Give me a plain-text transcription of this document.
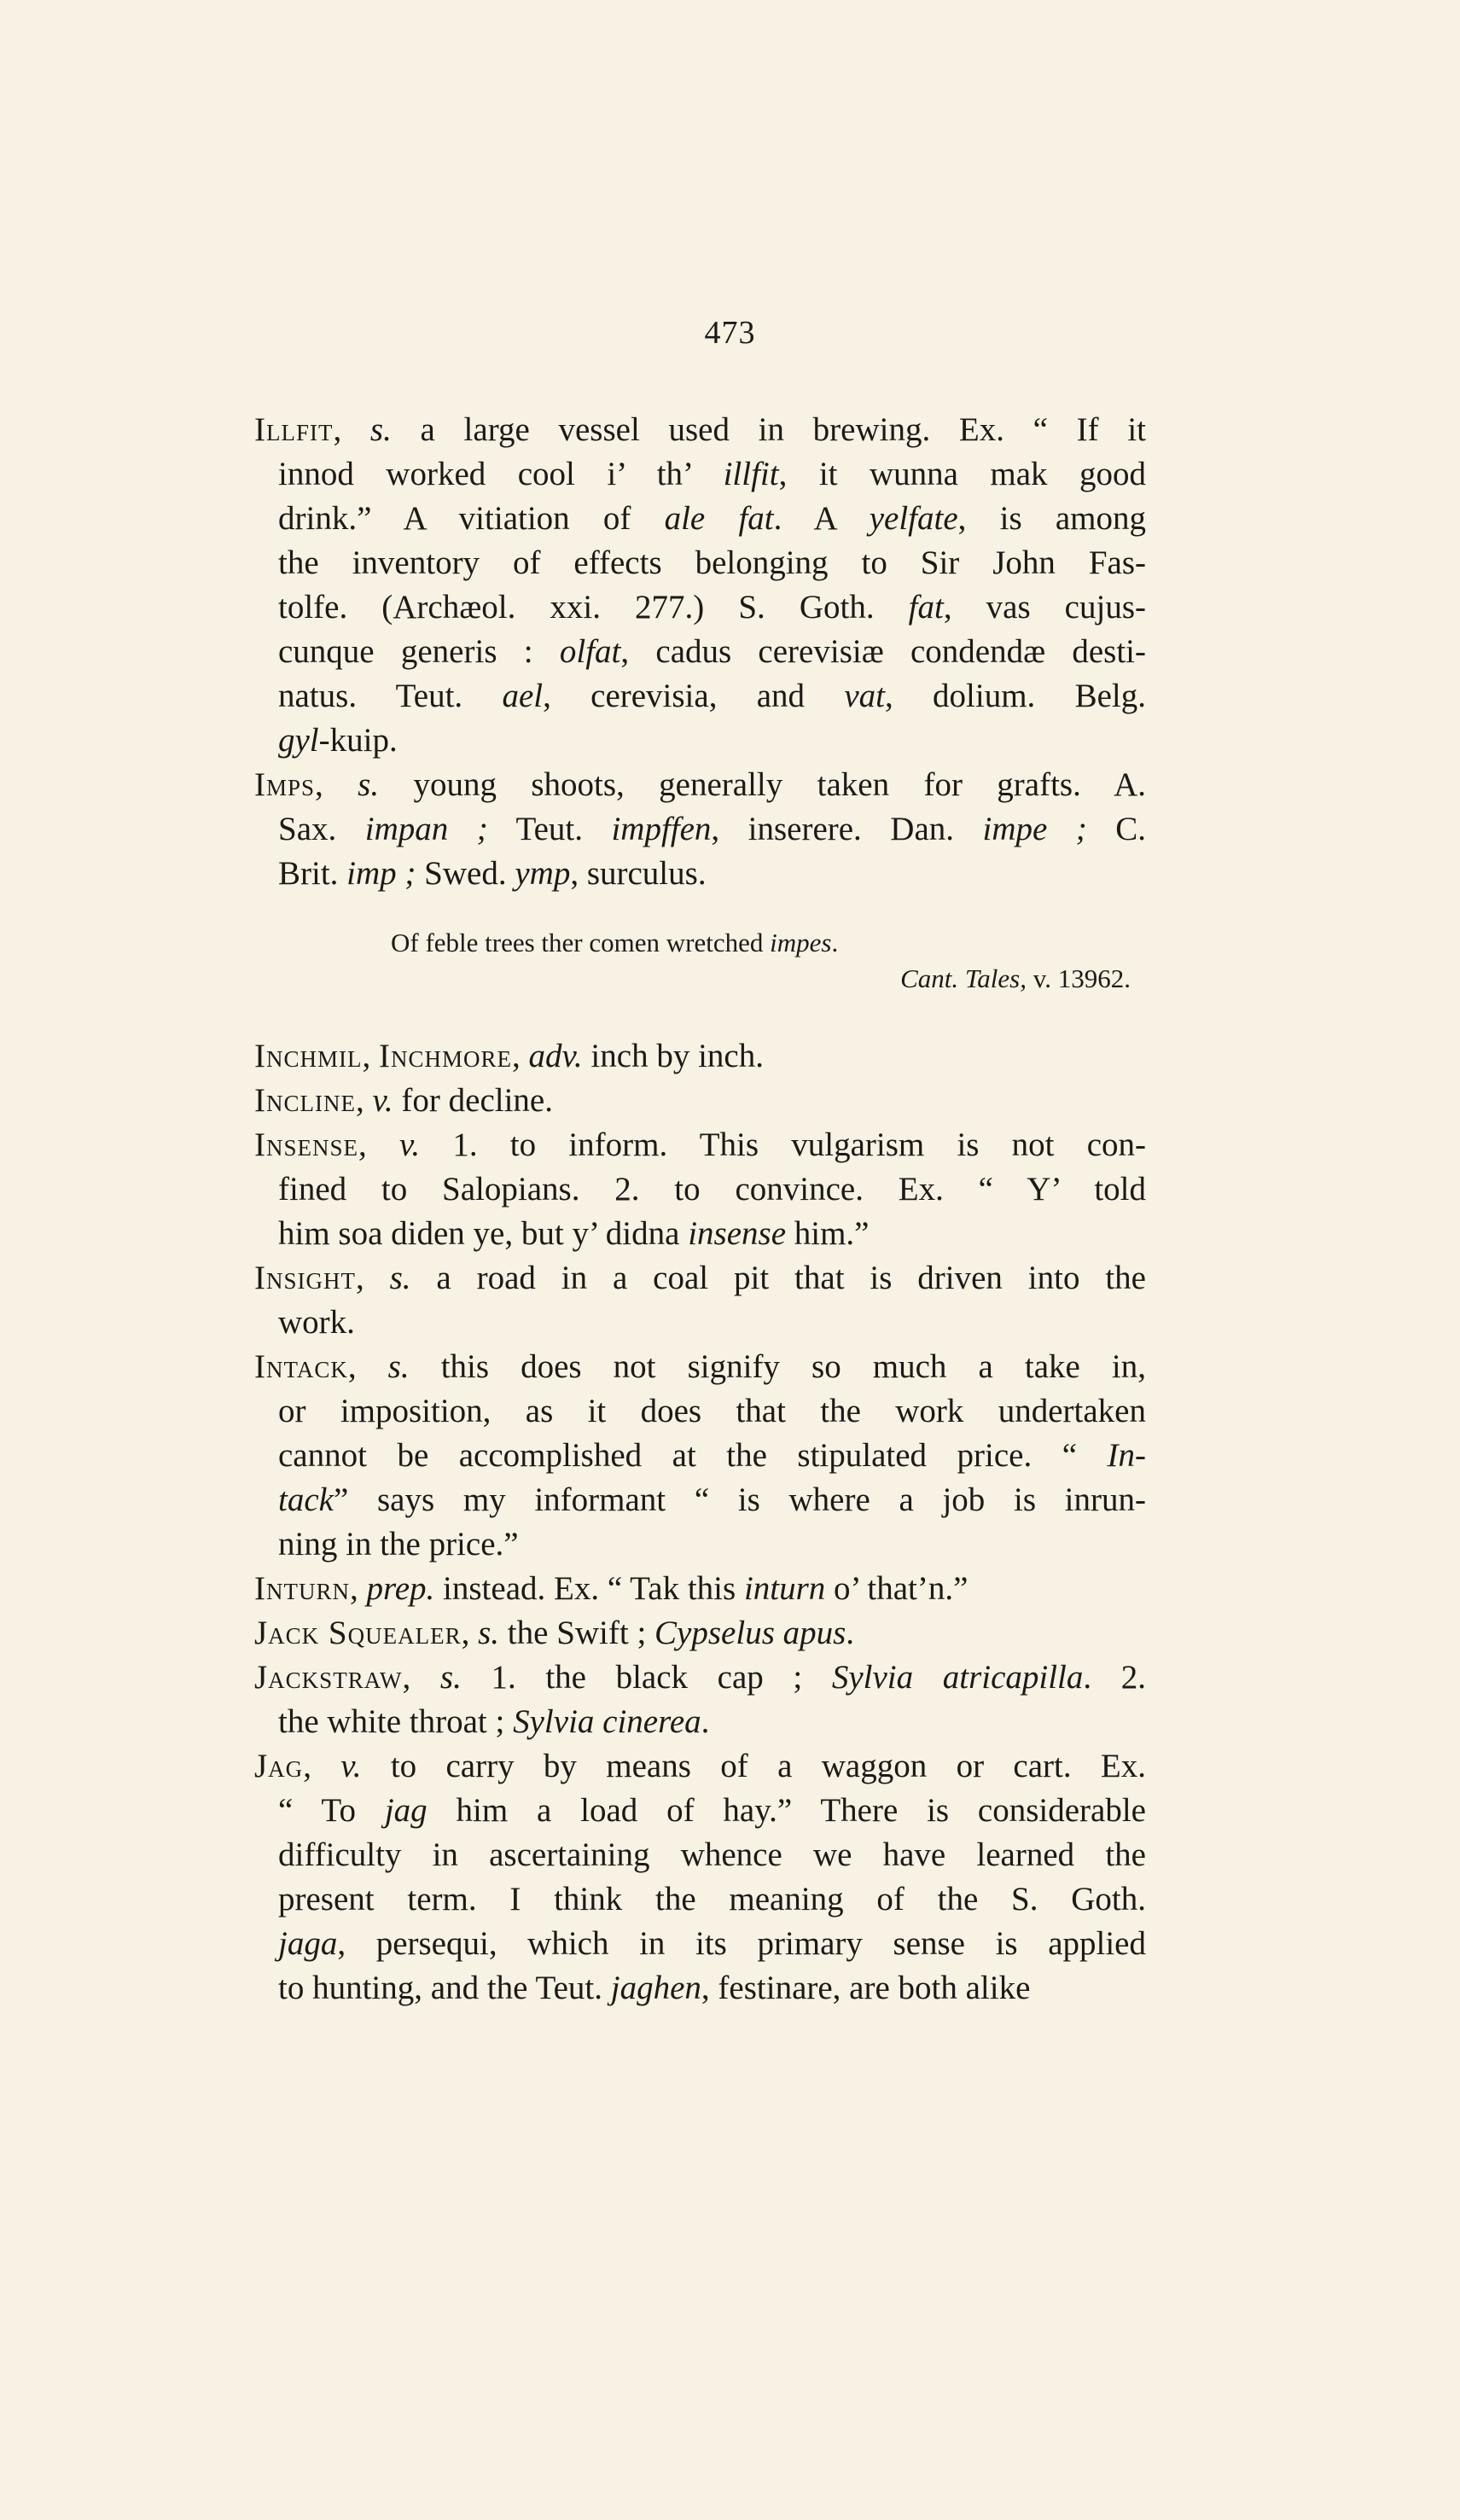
473
Illfit, s. a large vessel used in brewing. Ex. “ If it
innod worked cool i’ th’ illfit, it wunna mak good
drink.” A vitiation of ale fat. A yelfate, is among
the inventory of effects belonging to Sir John Fas-
tolfe. (Archæol. xxi. 277.) S. Goth. fat, vas cujus-
cunque generis : olfat, cadus cerevisiæ condendæ desti-
natus. Teut. ael, cerevisia, and vat, dolium. Belg.
gyl-kuip.
Imps, s. young shoots, generally taken for grafts. A.
Sax. impan ; Teut. impffen, inserere. Dan. impe ; C.
Brit. imp ; Swed. ymp, surculus.
Of feble trees ther comen wretched impes.
Cant. Tales, v. 13962.
Inchmil, Inchmore, adv. inch by inch.
Incline, v. for decline.
Insense, v. 1. to inform. This vulgarism is not con-
fined to Salopians. 2. to convince. Ex. “ Y’ told
him soa diden ye, but y’ didna insense him.”
Insight, s. a road in a coal pit that is driven into the
work.
Intack, s. this does not signify so much a take in,
or imposition, as it does that the work undertaken
cannot be accomplished at the stipulated price. “ In-
tack” says my informant “ is where a job is inrun-
ning in the price.”
Inturn, prep. instead. Ex. “ Tak this inturn o’ that’n.”
Jack Squealer, s. the Swift ; Cypselus apus.
Jackstraw, s. 1. the black cap ; Sylvia atricapilla. 2.
the white throat ; Sylvia cinerea.
Jag, v. to carry by means of a waggon or cart. Ex.
“ To jag him a load of hay.” There is considerable
difficulty in ascertaining whence we have learned the
present term. I think the meaning of the S. Goth.
jaga, persequi, which in its primary sense is applied
to hunting, and the Teut. jaghen, festinare, are both alike
